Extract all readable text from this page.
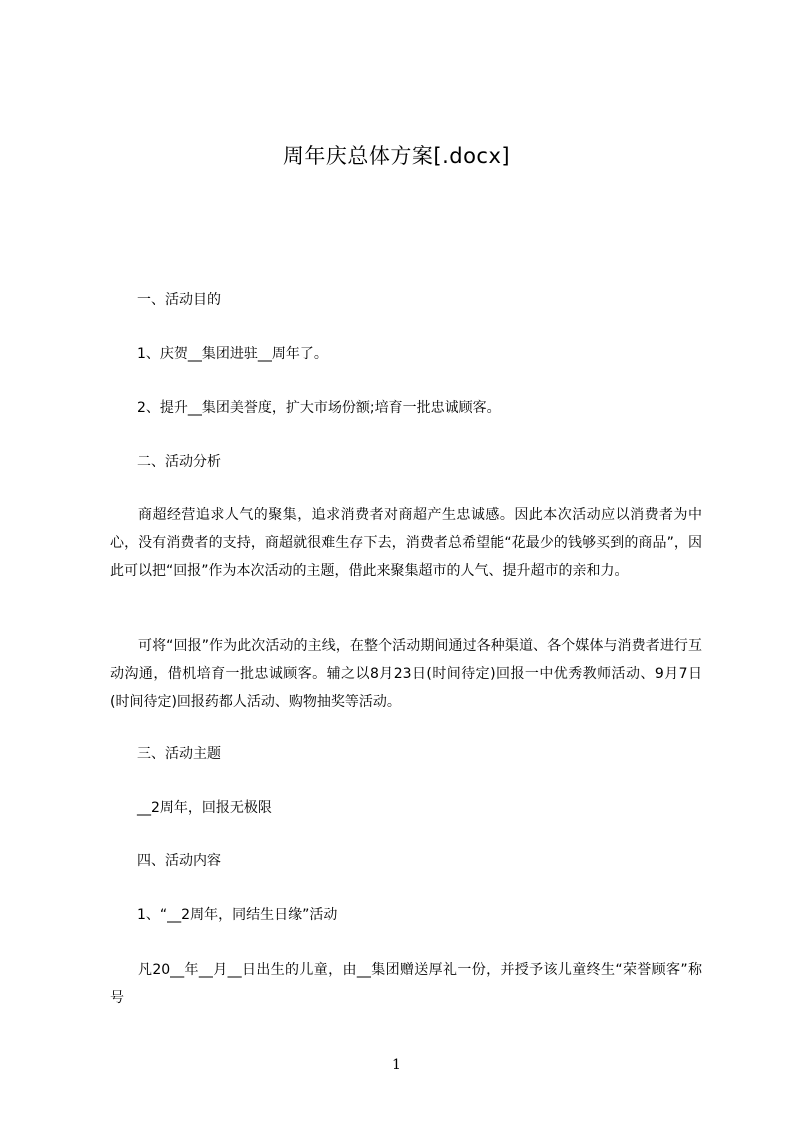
周年庆总体方案[.docx]
一、活动目的
1、庆贺__集团进驻__周年了。
2、提升__集团美誉度，扩大市场份额;培育一批忠诚顾客。
二、活动分析
商超经营追求人气的聚集，追求消费者对商超产生忠诚感。因此本次活动应以消费者为中心，没有消费者的支持，商超就很难生存下去，消费者总希望能“花最少的钱够买到的商品”，因此可以把“回报”作为本次活动的主题，借此来聚集超市的人气、提升超市的亲和力。
可将“回报”作为此次活动的主线，在整个活动期间通过各种渠道、各个媒体与消费者进行互动沟通，借机培育一批忠诚顾客。辅之以8月23日(时间待定)回报一中优秀教师活动、9月7日(时间待定)回报药都人活动、购物抽奖等活动。
三、活动主题
__2周年，回报无极限
四、活动内容
1、“__2周年，同结生日缘”活动
凡20__年__月__日出生的儿童，由__集团赠送厚礼一份，并授予该儿童终生“荣誉顾客”称号
1
